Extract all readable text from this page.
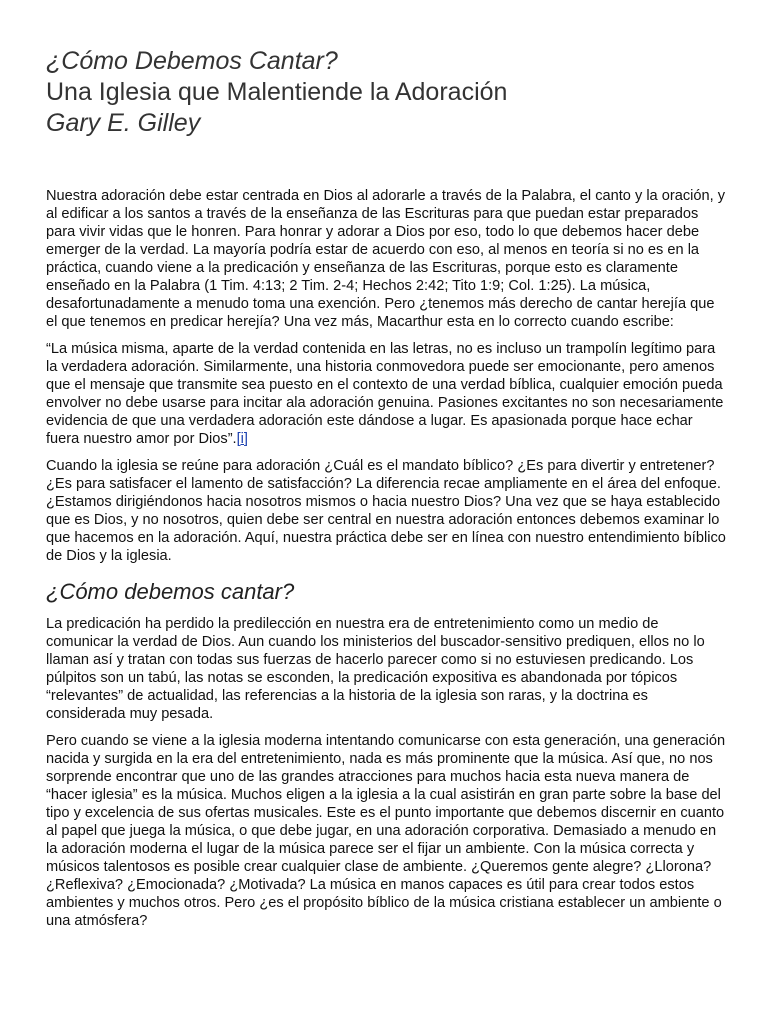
¿Cómo Debemos Cantar?
Una Iglesia que Malentiende la Adoración
Gary E. Gilley

Nuestra adoración debe estar centrada en Dios al adorarle a través de la Palabra, el canto y la oración, y al edificar a los santos a través de la enseñanza de las Escrituras para que puedan estar preparados para vivir vidas que le honren. Para honrar y adorar a Dios por eso, todo lo que debemos hacer debe emerger de la verdad. La mayoría podría estar de acuerdo con eso, al menos en teoría si no es en la práctica, cuando viene a la predicación y enseñanza de las Escrituras, porque esto es claramente enseñado en la Palabra (1 Tim. 4:13; 2 Tim. 2-4; Hechos 2:42; Tito 1:9; Col. 1:25). La música, desafortunadamente a menudo toma una exención. Pero ¿tenemos más derecho de cantar herejía que el que tenemos en predicar herejía? Una vez más, Macarthur esta en lo correcto cuando escribe:

“La música misma, aparte de la verdad contenida en las letras, no es incluso un trampolín legítimo para la verdadera adoración. Similarmente, una historia conmovedora puede ser emocionante, pero amenos que el mensaje que transmite sea puesto en el contexto de una verdad bíblica, cualquier emoción pueda envolver no debe usarse para incitar ala adoración genuina. Pasiones excitantes no son necesariamente evidencia de que una verdadera adoración este dándose a lugar. Es apasionada porque hace echar fuera nuestro amor por Dios”.[i]

Cuando la iglesia se reúne para adoración ¿Cuál es el mandato bíblico? ¿Es para divertir y entretener? ¿Es para satisfacer el lamento de satisfacción? La diferencia recae ampliamente en el área del enfoque. ¿Estamos dirigiéndonos hacia nosotros mismos o hacia nuestro Dios? Una vez que se haya establecido que es Dios, y no nosotros, quien debe ser central en nuestra adoración entonces debemos examinar lo que hacemos en la adoración. Aquí, nuestra práctica debe ser en línea con nuestro entendimiento bíblico de Dios y la iglesia.

¿Cómo debemos cantar?

La predicación ha perdido la predilección en nuestra era de entretenimiento como un medio de comunicar la verdad de Dios. Aun cuando los ministerios del buscador-sensitivo prediquen, ellos no lo llaman así y tratan con todas sus fuerzas de hacerlo parecer como si no estuviesen predicando. Los púlpitos son un tabú, las notas se esconden, la predicación expositiva es abandonada por tópicos “relevantes” de actualidad, las referencias a la historia de la iglesia son raras, y la doctrina es considerada muy pesada.

Pero cuando se viene a la iglesia moderna intentando comunicarse con esta generación, una generación nacida y surgida en la era del entretenimiento, nada es más prominente que la música. Así que, no nos sorprende encontrar que uno de las grandes atracciones para muchos hacia esta nueva manera de “hacer iglesia” es la música. Muchos eligen a la iglesia a la cual asistirán en gran parte sobre la base del tipo y excelencia de sus ofertas musicales. Este es el punto importante que debemos discernir en cuanto al papel que juega la música, o que debe jugar, en una adoración corporativa. Demasiado a menudo en la adoración moderna el lugar de la música parece ser el fijar un ambiente. Con la música correcta y músicos talentosos es posible crear cualquier clase de ambiente. ¿Queremos gente alegre? ¿Llorona? ¿Reflexiva? ¿Emocionada? ¿Motivada? La música en manos capaces es útil para crear todos estos ambientes y muchos otros. Pero ¿es el propósito bíblico de la música cristiana establecer un ambiente o una atmósfera?
